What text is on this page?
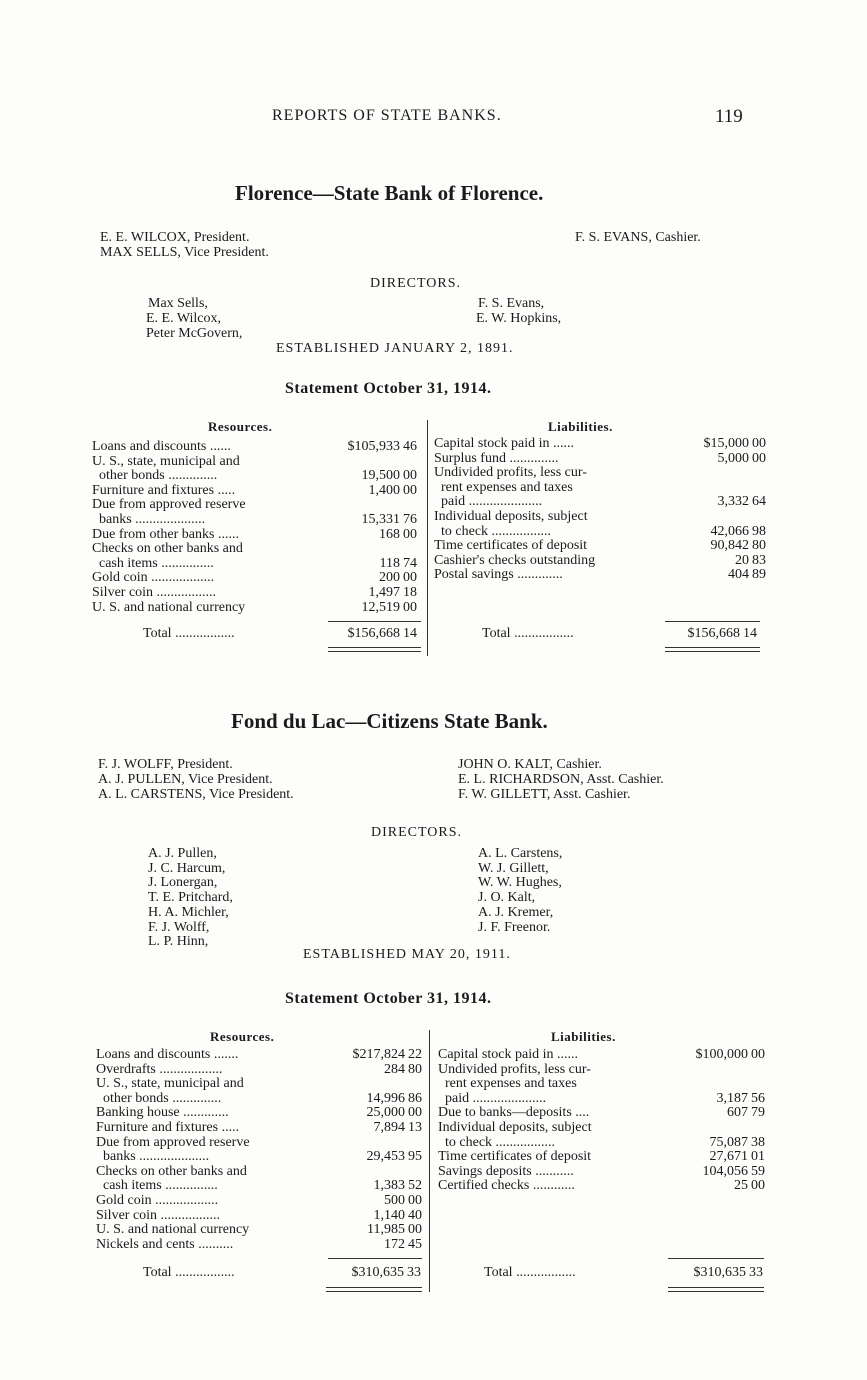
REPORTS OF STATE BANKS.	119
Florence—State Bank of Florence.
E. E. WILCOX, President.
MAX SELLS, Vice President.
F. S. EVANS, Cashier.
DIRECTORS.
Max Sells,
E. E. Wilcox,
Peter McGovern,
F. S. Evans,
E. W. Hopkins,
ESTABLISHED JANUARY 2, 1891.
Statement October 31, 1914.
Resources.	Liabilities.
Loans and discounts ......	$105,933 46
U. S., state, municipal and
other bonds ..............	19,500 00
Furniture and fixtures .....	1,400 00
Due from approved reserve
banks ....................	15,331 76
Due from other banks ......	168 00
Checks on other banks and
cash items ...............	118 74
Gold coin ..................	200 00
Silver coin .................	1,497 18
U. S. and national currency	12,519 00
Capital stock paid in ......	$15,000 00
Surplus fund ..............	5,000 00
Undivided profits, less cur-
rent expenses and taxes
paid .....................	3,332 64
Individual deposits, subject
to check .................	42,066 98
Time certificates of deposit	90,842 80
Cashier's checks outstanding	20 83
Postal savings .............	404 89
Total .................	$156,668 14	Total .................	$156,668 14
Fond du Lac—Citizens State Bank.
F. J. WOLFF, President.
A. J. PULLEN, Vice President.
A. L. CARSTENS, Vice President.
JOHN O. KALT, Cashier.
E. L. RICHARDSON, Asst. Cashier.
F. W. GILLETT, Asst. Cashier.
DIRECTORS.
A. J. Pullen,
J. C. Harcum,
J. Lonergan,
T. E. Pritchard,
H. A. Michler,
F. J. Wolff,
L. P. Hinn,
A. L. Carstens,
W. J. Gillett,
W. W. Hughes,
J. O. Kalt,
A. J. Kremer,
J. F. Freenor.
ESTABLISHED MAY 20, 1911.
Statement October 31, 1914.
Resources.	Liabilities.
Loans and discounts .......	$217,824 22
Overdrafts ..................	284 80
U. S., state, municipal and
other bonds ..............	14,996 86
Banking house .............	25,000 00
Furniture and fixtures .....	7,894 13
Due from approved reserve
banks ....................	29,453 95
Checks on other banks and
cash items ...............	1,383 52
Gold coin ..................	500 00
Silver coin .................	1,140 40
U. S. and national currency	11,985 00
Nickels and cents ..........	172 45
Capital stock paid in ......	$100,000 00
Undivided profits, less cur-
rent expenses and taxes
paid .....................	3,187 56
Due to banks—deposits ....	607 79
Individual deposits, subject
to check .................	75,087 38
Time certificates of deposit	27,671 01
Savings deposits ...........	104,056 59
Certified checks ............	25 00
Total .................	$310,635 33	Total .................	$310,635 33
